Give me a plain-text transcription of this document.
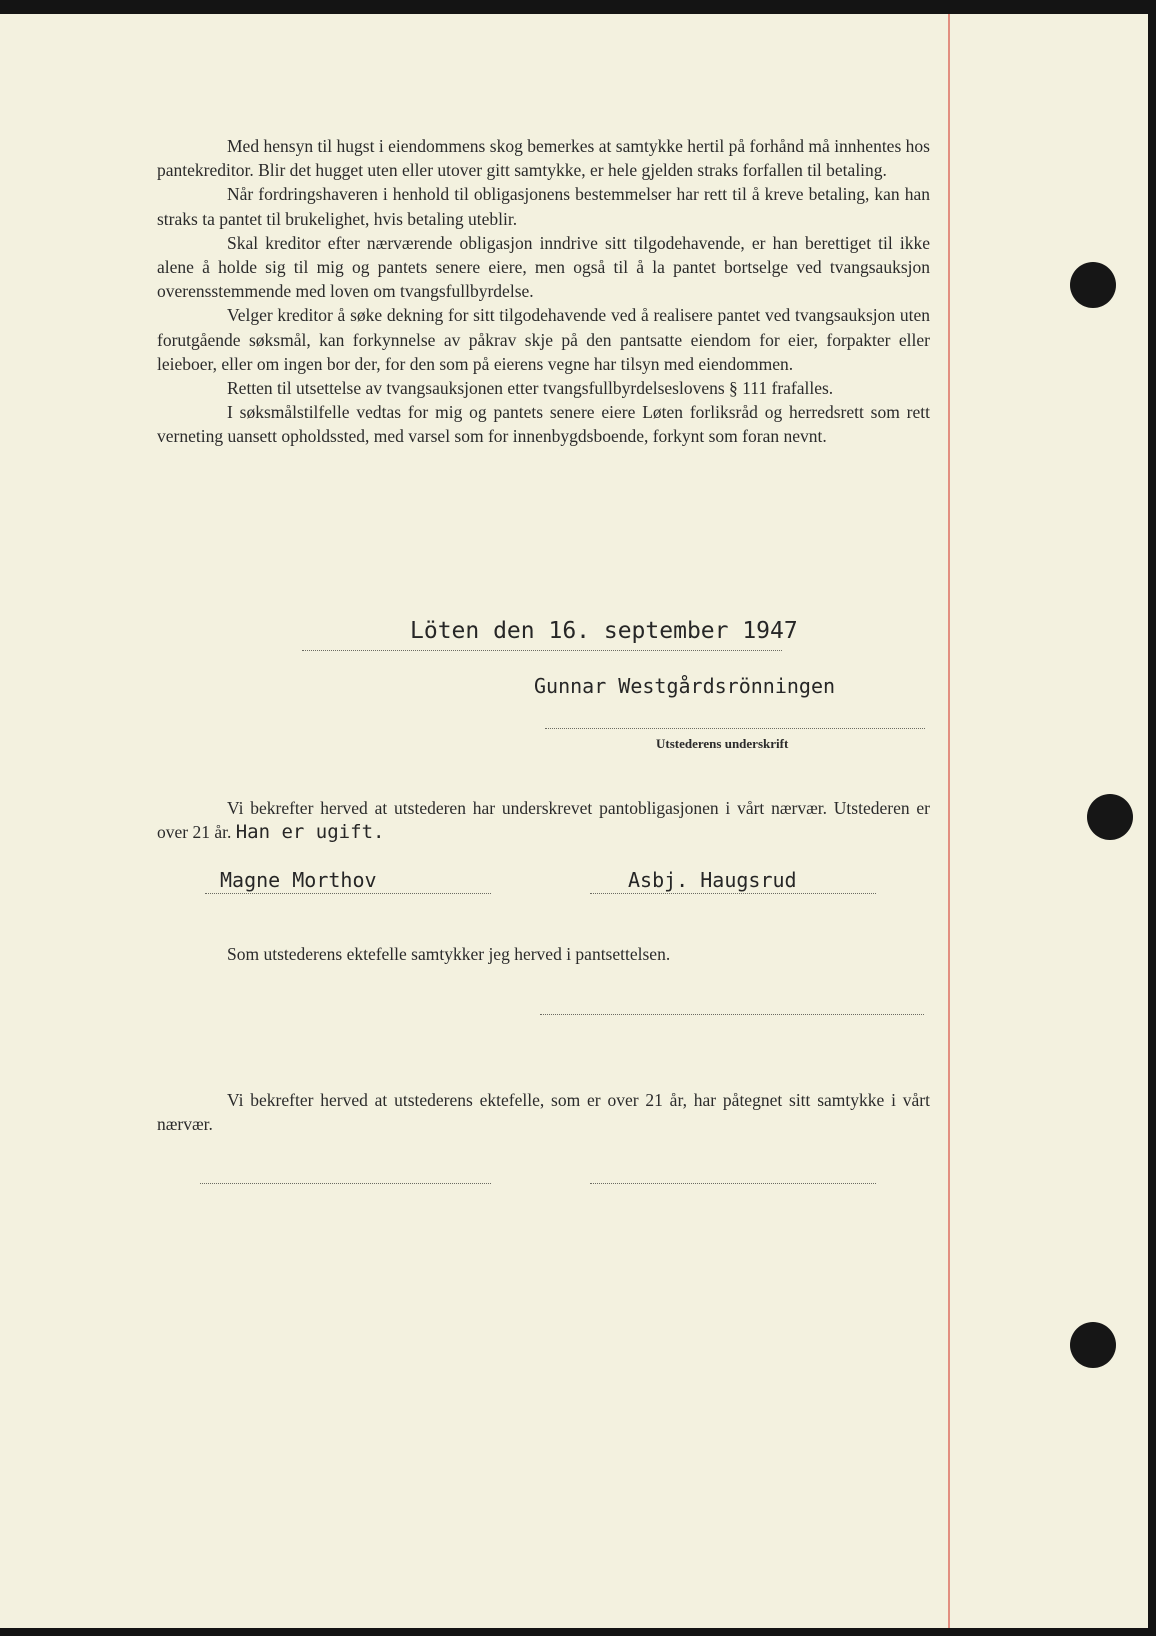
Med hensyn til hugst i eiendommens skog bemerkes at samtykke hertil på forhånd må innhentes hos pantekreditor. Blir det hugget uten eller utover gitt samtykke, er hele gjelden straks forfallen til betaling.

Når fordringshaveren i henhold til obligasjonens bestemmelser har rett til å kreve betaling, kan han straks ta pantet til brukelighet, hvis betaling uteblir.

Skal kreditor efter nærværende obligasjon inndrive sitt tilgodehavende, er han berettiget til ikke alene å holde sig til mig og pantets senere eiere, men også til å la pantet bortselge ved tvangsauksjon overensstemmende med loven om tvangsfullbyrdelse.

Velger kreditor å søke dekning for sitt tilgodehavende ved å realisere pantet ved tvangsauksjon uten forutgående søksmål, kan forkynnelse av påkrav skje på den pantsatte eiendom for eier, forpakter eller leieboer, eller om ingen bor der, for den som på eierens vegne har tilsyn med eiendommen.

Retten til utsettelse av tvangsauksjonen etter tvangsfullbyrdelseslovens § 111 frafalles.

I søksmålstilfelle vedtas for mig og pantets senere eiere Løten forliksråd og herredsrett som rett verneting uansett opholdssted, med varsel som for innenbygdsboende, forkynt som foran nevnt.

Löten den 16. september 1947
Gunnar Westgårdsrönningen
Utstederens underskrift
Vi bekrefter herved at utstederen har underskrevet pantobligasjonen i vårt nærvær. Utstederen er over 21 år. Han er ugift.
Magne Morthov	Asbj. Haugsrud
Som utstederens ektefelle samtykker jeg herved i pantsettelsen.
Vi bekrefter herved at utstederens ektefelle, som er over 21 år, har påtegnet sitt samtykke i vårt nærvær.
